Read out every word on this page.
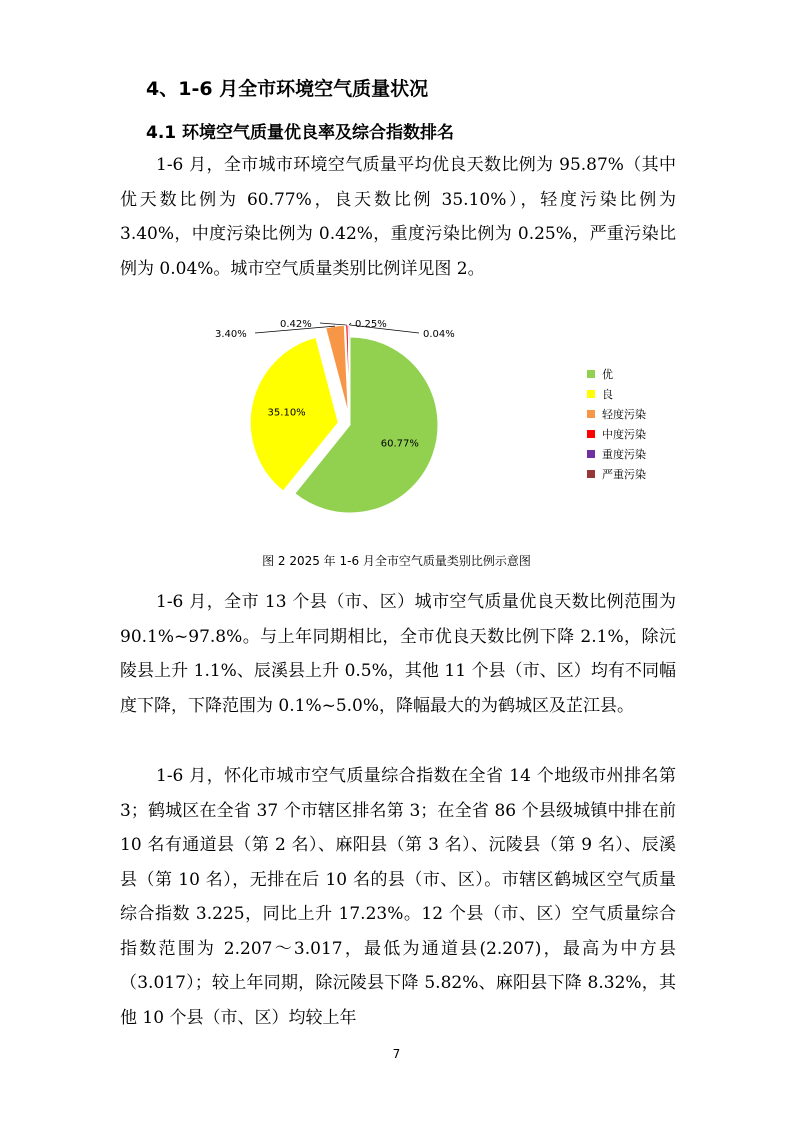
4、1-6 月全市环境空气质量状况
4.1 环境空气质量优良率及综合指数排名

1-6 月，全市城市环境空气质量平均优良天数比例为 95.87%（其中优天数比例为 60.77%，良天数比例 35.10%），轻度污染比例为 3.40%，中度污染比例为 0.42%，重度污染比例为 0.25%，严重污染比例为 0.04%。城市空气质量类别比例详见图 2。

60.77%
35.10%
3.40%
0.42%	0.25%
0.04%
优
良
轻度污染
中度污染
重度污染
严重污染
图 2 2025 年 1-6 月全市空气质量类别比例示意图

1-6 月，全市 13 个县（市、区）城市空气质量优良天数比例范围为 90.1%~97.8%。与上年同期相比，全市优良天数比例下降 2.1%，除沅陵县上升 1.1%、辰溪县上升 0.5%，其他 11 个县（市、区）均有不同幅度下降，下降范围为 0.1%~5.0%，降幅最大的为鹤城区及芷江县。

1-6 月，怀化市城市空气质量综合指数在全省 14 个地级市州排名第 3；鹤城区在全省 37 个市辖区排名第 3；在全省 86 个县级城镇中排在前 10 名有通道县（第 2 名）、麻阳县（第 3 名）、沅陵县（第 9 名）、辰溪县（第 10 名），无排在后 10 名的县（市、区）。市辖区鹤城区空气质量综合指数 3.225，同比上升 17.23%。12 个县（市、区）空气质量综合指数范围为 2.207～3.017，最低为通道县(2.207)，最高为中方县（3.017）；较上年同期，除沅陵县下降 5.82%、麻阳县下降 8.32%，其他 10 个县（市、区）均较上年

7
